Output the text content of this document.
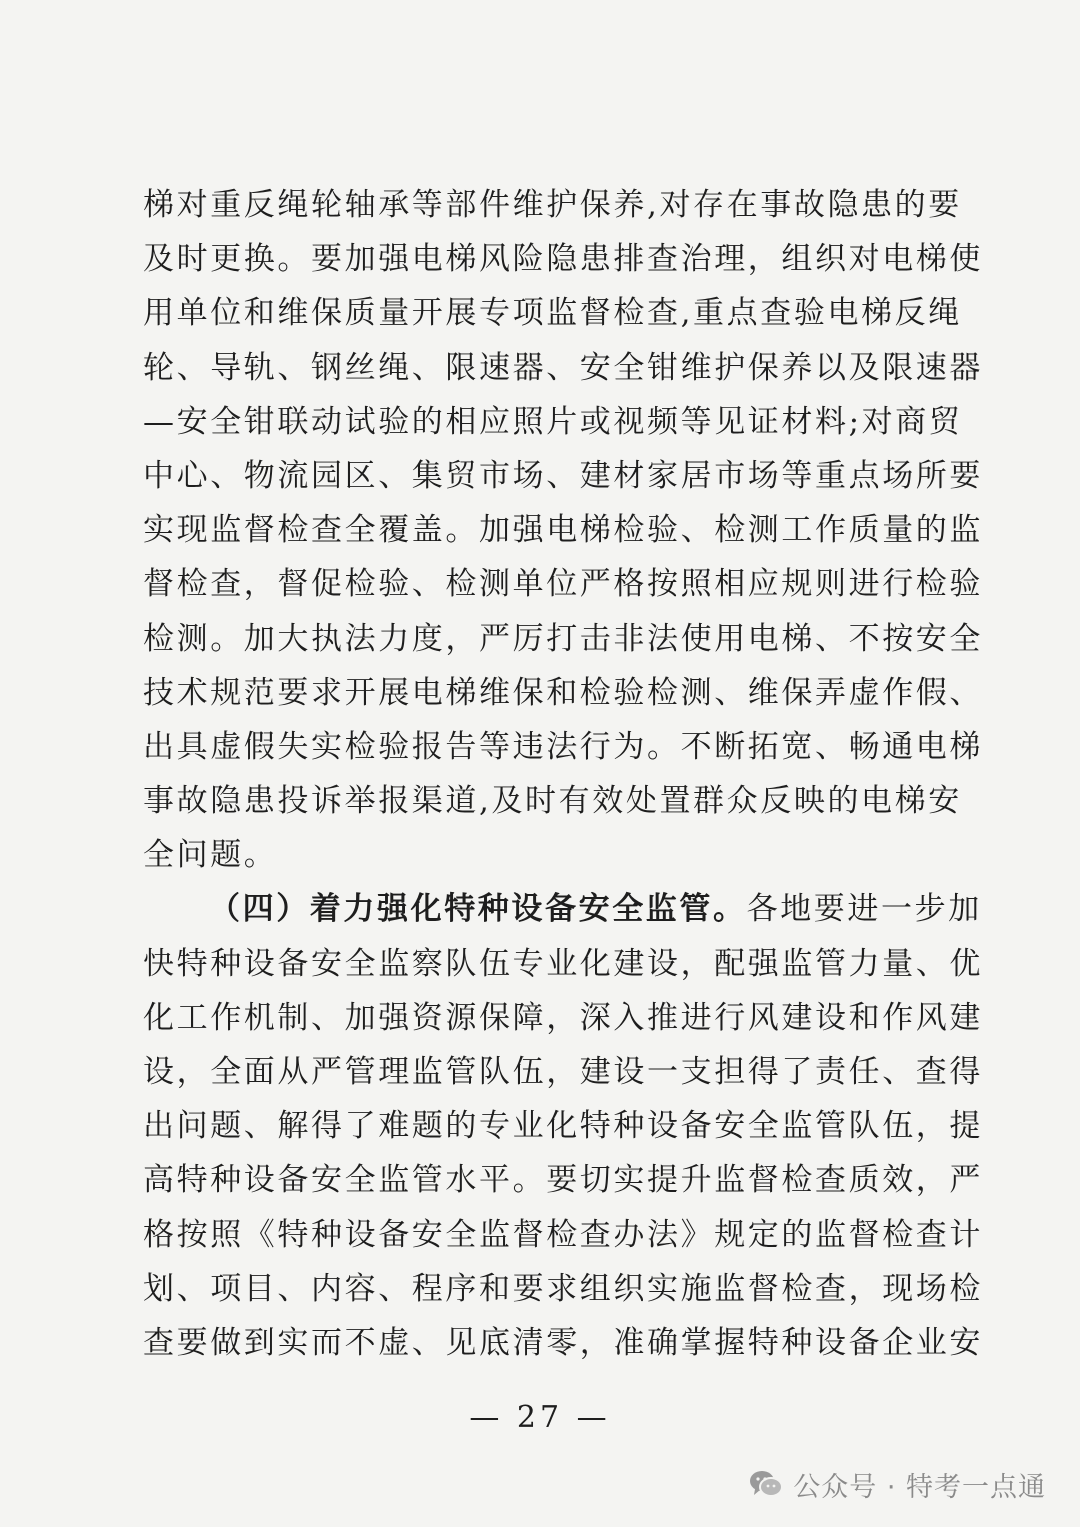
梯对重反绳轮轴承等部件维护保养,对存在事故隐患的要
及时更换。要加强电梯风险隐患排查治理，组织对电梯使
用单位和维保质量开展专项监督检查,重点查验电梯反绳
轮、导轨、钢丝绳、限速器、安全钳维护保养以及限速器
—安全钳联动试验的相应照片或视频等见证材料;对商贸
中心、物流园区、集贸市场、建材家居市场等重点场所要
实现监督检查全覆盖。加强电梯检验、检测工作质量的监
督检查，督促检验、检测单位严格按照相应规则进行检验
检测。加大执法力度，严厉打击非法使用电梯、不按安全
技术规范要求开展电梯维保和检验检测、维保弄虚作假、
出具虚假失实检验报告等违法行为。不断拓宽、畅通电梯
事故隐患投诉举报渠道,及时有效处置群众反映的电梯安
全问题。
（四）着力强化特种设备安全监管。各地要进一步加
快特种设备安全监察队伍专业化建设，配强监管力量、优
化工作机制、加强资源保障，深入推进行风建设和作风建
设，全面从严管理监管队伍，建设一支担得了责任、查得
出问题、解得了难题的专业化特种设备安全监管队伍，提
高特种设备安全监管水平。要切实提升监督检查质效，严
格按照《特种设备安全监督检查办法》规定的监督检查计
划、项目、内容、程序和要求组织实施监督检查，现场检
查要做到实而不虚、见底清零，准确掌握特种设备企业安
— 27 —
公众号 · 特考一点通
